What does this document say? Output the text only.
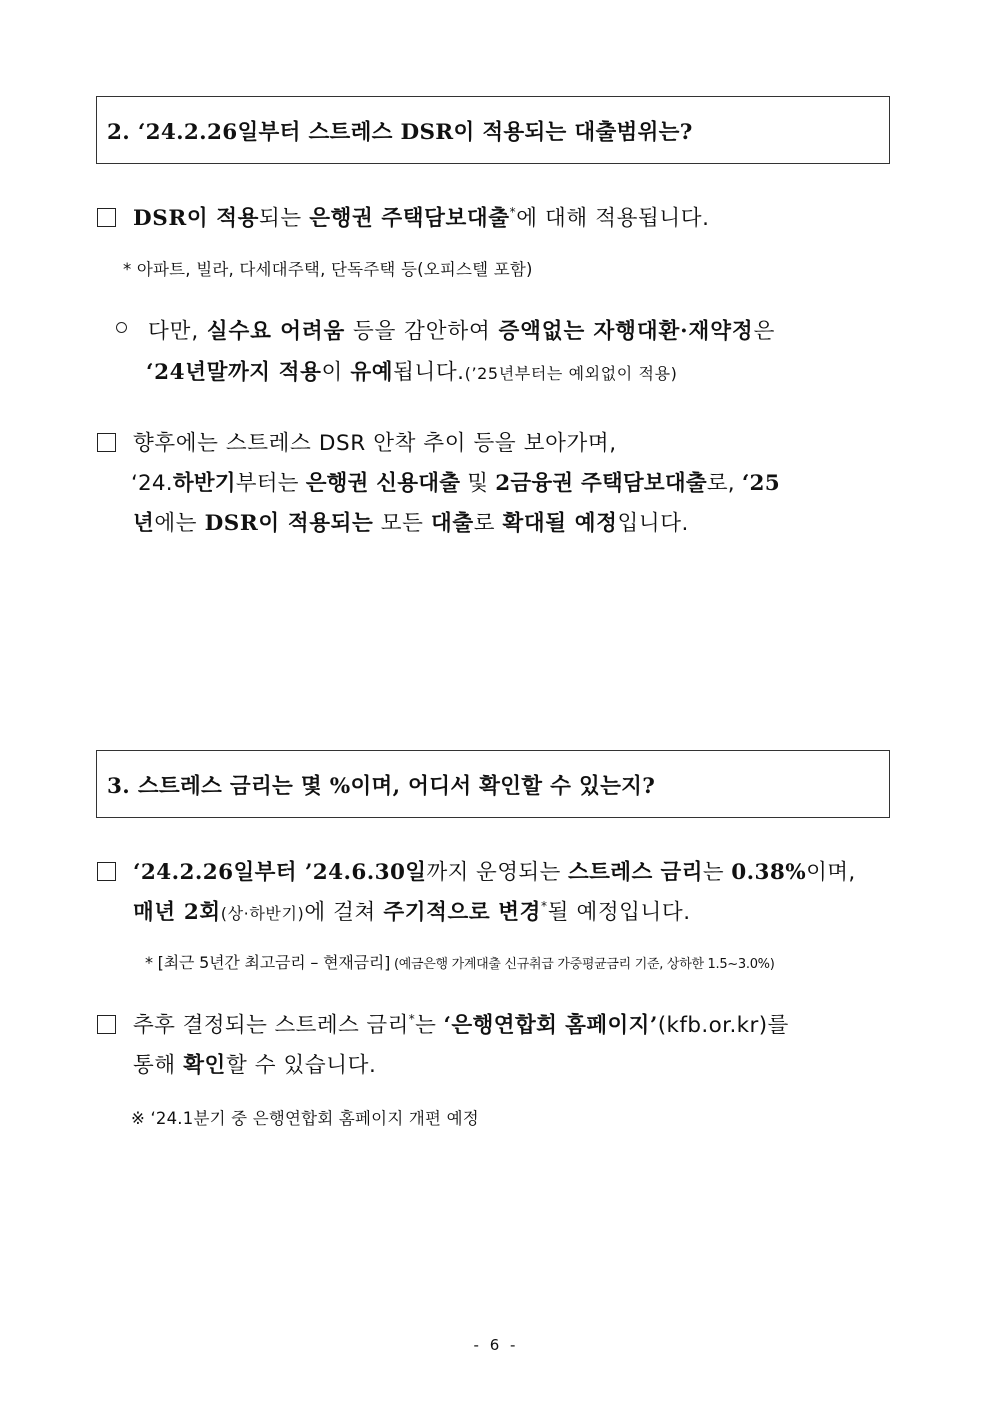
2. ‘24.2.26일부터 스트레스 DSR이 적용되는 대출범위는?
DSR이 적용되는 은행권 주택담보대출*에 대해 적용됩니다.
* 아파트, 빌라, 다세대주택, 단독주택 등(오피스텔 포함)
다만, 실수요 어려움 등을 감안하여 증액없는 자행대환·재약정은
‘24년말까지 적용이 유예됩니다.(’25년부터는 예외없이 적용)
향후에는 스트레스 DSR 안착 추이 등을 보아가며,
‘24.하반기부터는 은행권 신용대출 및 2금융권 주택담보대출로, ‘25
년에는 DSR이 적용되는 모든 대출로 확대될 예정입니다.
3. 스트레스 금리는 몇 %이며, 어디서 확인할 수 있는지?
‘24.2.26일부터 ’24.6.30일까지 운영되는 스트레스 금리는 0.38%이며,
매년 2회(상·하반기)에 걸쳐 주기적으로 변경*될 예정입니다.
* [최근 5년간 최고금리 – 현재금리] (예금은행 가계대출 신규취급 가중평균금리 기준, 상하한 1.5~3.0%)
추후 결정되는 스트레스 금리*는 ‘은행연합회 홈페이지’(kfb.or.kr)를
통해 확인할 수 있습니다.
※ ‘24.1분기 중 은행연합회 홈페이지 개편 예정
- 6 -
